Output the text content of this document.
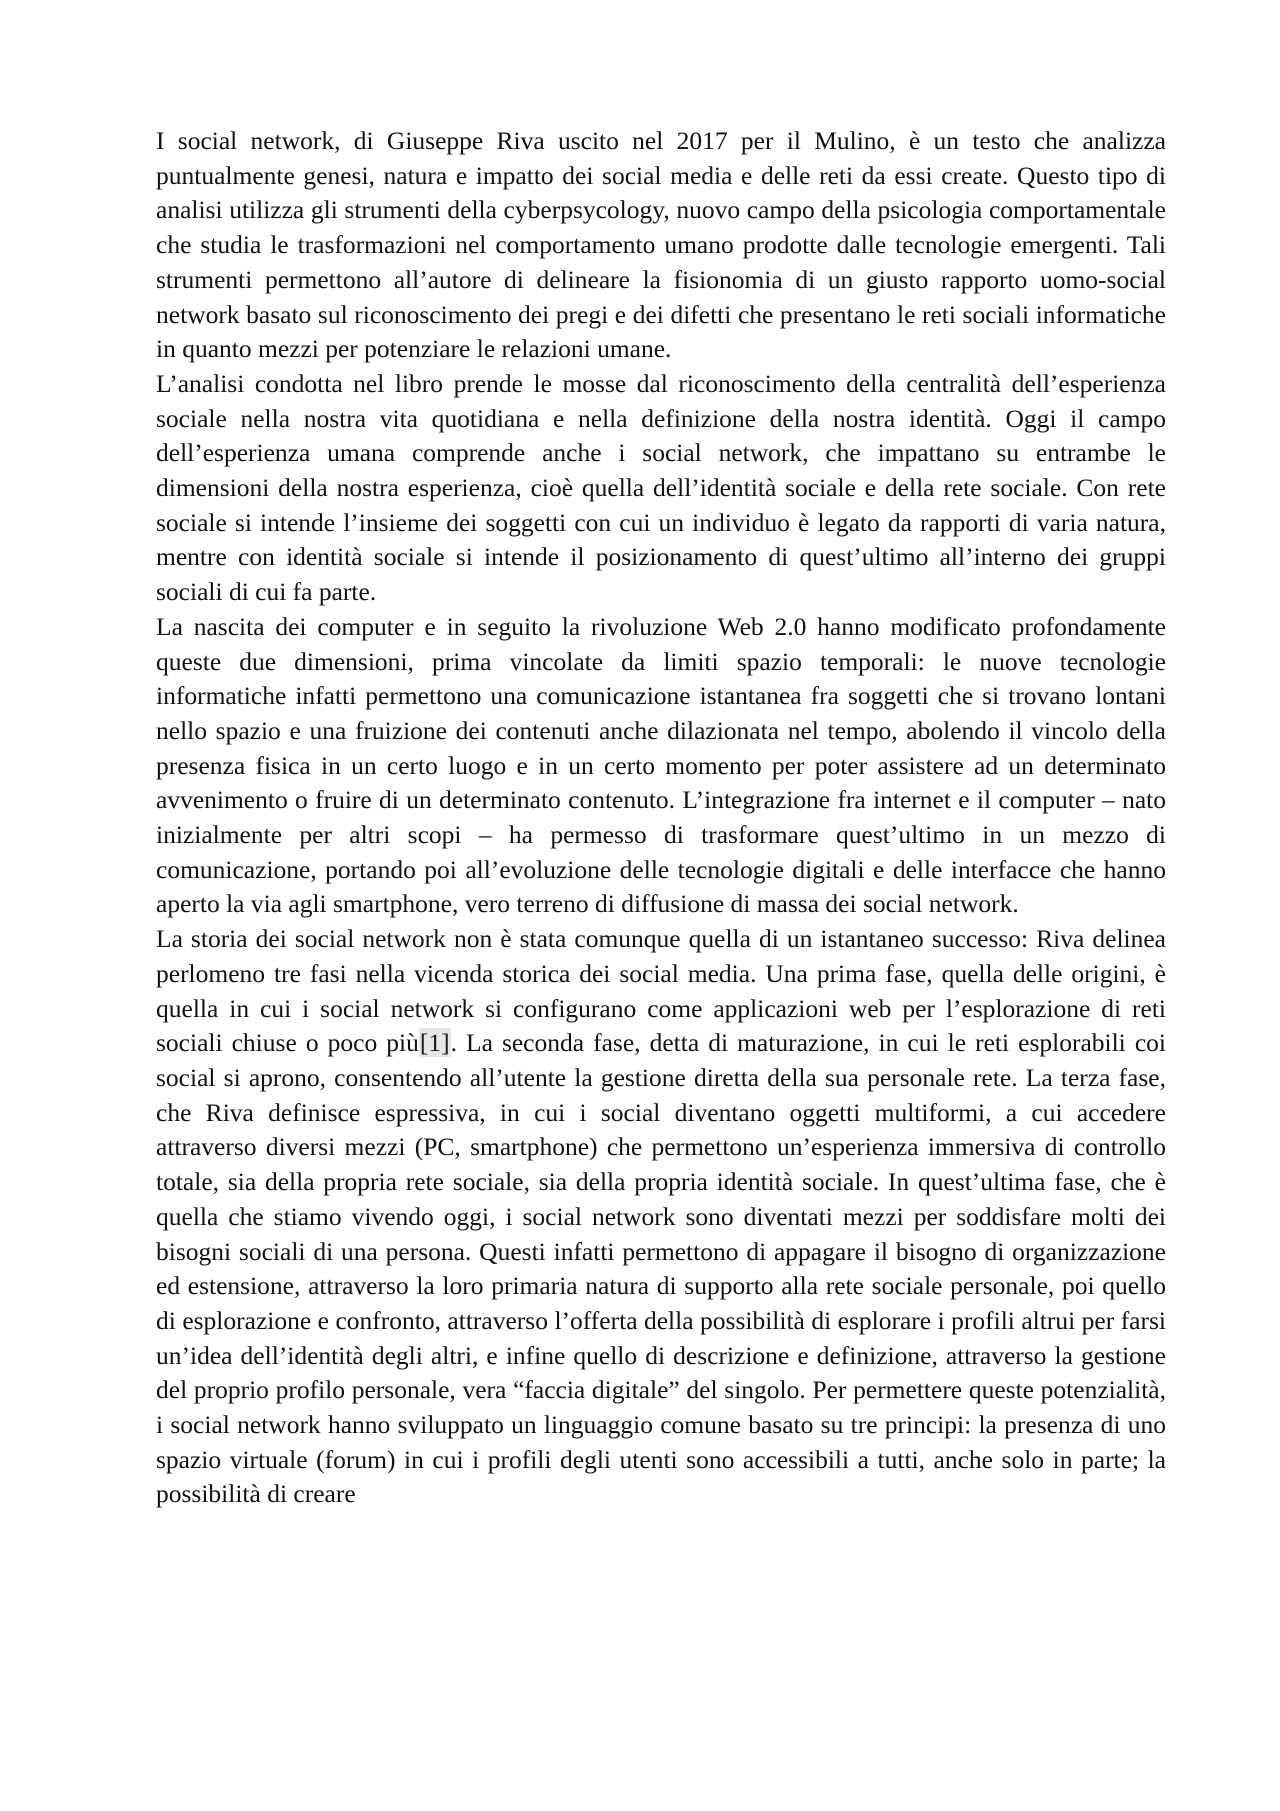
I social network, di Giuseppe Riva uscito nel 2017 per il Mulino, è un testo che analizza puntualmente genesi, natura e impatto dei social media e delle reti da essi create. Questo tipo di analisi utilizza gli strumenti della cyberpsycology, nuovo campo della psicologia comportamentale che studia le trasformazioni nel comportamento umano prodotte dalle tecnologie emergenti. Tali strumenti permettono all’autore di delineare la fisionomia di un giusto rapporto uomo-social network basato sul riconoscimento dei pregi e dei difetti che presentano le reti sociali informatiche in quanto mezzi per potenziare le relazioni umane.

L’analisi condotta nel libro prende le mosse dal riconoscimento della centralità dell’esperienza sociale nella nostra vita quotidiana e nella definizione della nostra identità. Oggi il campo dell’esperienza umana comprende anche i social network, che impattano su entrambe le dimensioni della nostra esperienza, cioè quella dell’identità sociale e della rete sociale. Con rete sociale si intende l’insieme dei soggetti con cui un individuo è legato da rapporti di varia natura, mentre con identità sociale si intende il posizionamento di quest’ultimo all’interno dei gruppi sociali di cui fa parte.

La nascita dei computer e in seguito la rivoluzione Web 2.0 hanno modificato profondamente queste due dimensioni, prima vincolate da limiti spazio temporali: le nuove tecnologie informatiche infatti permettono una comunicazione istantanea fra soggetti che si trovano lontani nello spazio e una fruizione dei contenuti anche dilazionata nel tempo, abolendo il vincolo della presenza fisica in un certo luogo e in un certo momento per poter assistere ad un determinato avvenimento o fruire di un determinato contenuto. L’integrazione fra internet e il computer – nato inizialmente per altri scopi – ha permesso di trasformare quest’ultimo in un mezzo di comunicazione, portando poi all’evoluzione delle tecnologie digitali e delle interfacce che hanno aperto la via agli smartphone, vero terreno di diffusione di massa dei social network.

La storia dei social network non è stata comunque quella di un istantaneo successo: Riva delinea perlomeno tre fasi nella vicenda storica dei social media. Una prima fase, quella delle origini, è quella in cui i social network si configurano come applicazioni web per l’esplorazione di reti sociali chiuse o poco più[1]. La seconda fase, detta di maturazione, in cui le reti esplorabili coi social si aprono, consentendo all’utente la gestione diretta della sua personale rete. La terza fase, che Riva definisce espressiva, in cui i social diventano oggetti multiformi, a cui accedere attraverso diversi mezzi (PC, smartphone) che permettono un’esperienza immersiva di controllo totale, sia della propria rete sociale, sia della propria identità sociale. In quest’ultima fase, che è quella che stiamo vivendo oggi, i social network sono diventati mezzi per soddisfare molti dei bisogni sociali di una persona. Questi infatti permettono di appagare il bisogno di organizzazione ed estensione, attraverso la loro primaria natura di supporto alla rete sociale personale, poi quello di esplorazione e confronto, attraverso l’offerta della possibilità di esplorare i profili altrui per farsi un’idea dell’identità degli altri, e infine quello di descrizione e definizione, attraverso la gestione del proprio profilo personale, vera “faccia digitale” del singolo. Per permettere queste potenzialità, i social network hanno sviluppato un linguaggio comune basato su tre principi: la presenza di uno spazio virtuale (forum) in cui i profili degli utenti sono accessibili a tutti, anche solo in parte; la possibilità di creare
